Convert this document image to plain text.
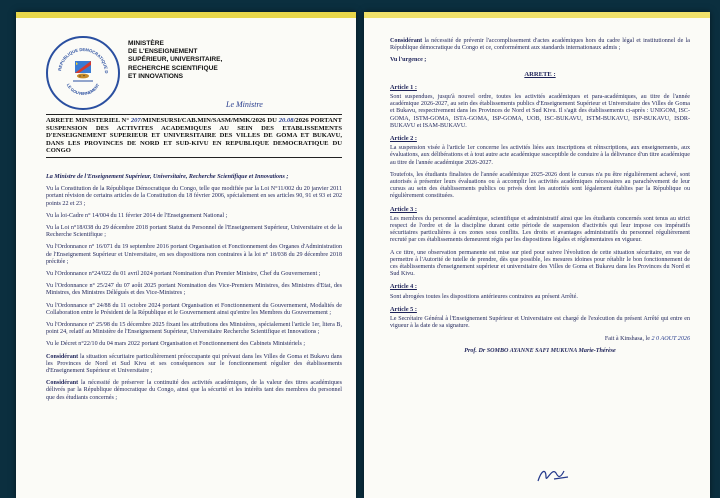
REPUBLIQUE DEMOCRATIQUE D
LE GOUVERNEMENT
MINISTÈRE
DE L'ENSEIGNEMENT
SUPÉRIEUR, UNIVERSITAIRE,
RECHERCHE SCIENTIFIQUE
ET INNOVATIONS
Le Ministre
ARRETE MINISTERIEL N° 207/MINESURSI/CAB.MIN/SASM/MMK/2026 DU 20.08/2026 PORTANT SUSPENSION DES ACTIVITES ACADEMIQUES AU SEIN DES ETABLISSEMENTS D'ENSEIGNEMENT SUPERIEUR ET UNIVERSITAIRE DES VILLES DE GOMA ET BUKAVU, DANS LES PROVINCES DE NORD ET SUD-KIVU EN REPUBLIQUE DEMOCRATIQUE DU CONGO

La Ministre de l'Enseignement Supérieur, Universitaire, Recherche Scientifique et Innovations ;

Vu la Constitution de la République Démocratique du Congo, telle que modifiée par la Loi N°11/002 du 20 janvier 2011 portant révision de certains articles de la Constitution du 18 février 2006, spécialement en ses articles 90, 91 et 93 et 202 points 22 et 23 ;

Vu la loi-Cadre n° 14/004 du 11 février 2014 de l'Enseignement National ;

Vu la Loi n°18/038 du 29 décembre 2018 portant Statut du Personnel de l'Enseignement Supérieur, Universitaire et de la Recherche Scientifique ;

Vu l'Ordonnance n° 16/071 du 19 septembre 2016 portant Organisation et Fonctionnement des Organes d'Administration de l'Enseignement Supérieur et Universitaire, en ses dispositions non contraires à la loi n° 18/038 du 29 décembre 2018 précitée ;

Vu l'Ordonnance n°24/022 du 01 avril 2024 portant Nomination d'un Premier Ministre, Chef du Gouvernement ;

Vu l'Ordonnance n° 25/247 du 07 août 2025 portant Nomination des Vice-Premiers Ministres, des Ministres d'Etat, des Ministres, des Ministres Délégués et des Vice-Ministres ;

Vu l'Ordonnance n° 24/88 du 11 octobre 2024 portant Organisation et Fonctionnement du Gouvernement, Modalités de Collaboration entre le Président de la République et le Gouvernement ainsi qu'entre les Membres du Gouvernement ;

Vu l'Ordonnance n° 25/98 du 15 décembre 2025 fixant les attributions des Ministères, spécialement l'article 1er, litera B, point 24, relatif au Ministère de l'Enseignement Supérieur, Universitaire Recherche Scientifique et Innovations ;

Vu le Décret n°22/10 du 04 mars 2022 portant Organisation et Fonctionnement des Cabinets Ministériels ;

Considérant la situation sécuritaire particulièrement préoccupante qui prévaut dans les Villes de Goma et Bukavu dans les Provinces de Nord et Sud Kivu et ses conséquences sur le fonctionnement régulier des établissements d'Enseignement Supérieur et Universitaire ;

Considérant la nécessité de préserver la continuité des activités académiques, de la valeur des titres académiques délivrés par la République démocratique du Congo, ainsi que la sécurité et les intérêts tant des membres du personnel que des étudiants concernés ;

Considérant la nécessité de prévenir l'accomplissement d'actes académiques hors du cadre légal et institutionnel de la République démocratique du Congo et ce, conformément aux standards internationaux admis ;

Vu l'urgence ;

ARRETE :

Article 1 :

Sont suspendues, jusqu'à nouvel ordre, toutes les activités académiques et para-académiques, au titre de l'année académique 2026-2027, au sein des établissements publics d'Enseignement Supérieur et Universitaire des Villes de Goma et Bukavu, respectivement dans les Provinces de Nord et Sud Kivu. Il s'agit des établissements ci-après : UNIGOM, ISC-GOMA, ISTM-GOMA, ISTA-GOMA, ISP-GOMA, UOB, ISC-BUKAVU, ISTM-BUKAVU, ISP-BUKAVU, ISDR-BUKAVU et ISAM-BUKAVU.

Article 2 :

La suspension visée à l'article 1er concerne les activités liées aux inscriptions et réinscriptions, aux enseignements, aux évaluations, aux délibérations et à tout autre acte académique susceptible de conduire à la délivrance d'un titre académique au titre de l'année académique 2026-2027.

Toutefois, les étudiants finalistes de l'année académique 2025-2026 dont le cursus n'a pu être régulièrement achevé, sont autorisés à présenter leurs évaluations ou à accomplir les activités académiques nécessaires au parachèvement de leur cursus au sein des établissements publics ou privés dont les autorités sont légalement établies par la République ou régulièrement constituées.

Article 3 :

Les membres du personnel académique, scientifique et administratif ainsi que les étudiants concernés sont tenus au strict respect de l'ordre et de la discipline durant cette période de suspension d'activités qui leur impose ces impératifs sécuritaires particulières à ces zones sous conflits. Les droits et avantages administratifs du personnel régulièrement recruté par ces établissements demeurent régis par les dispositions légales et réglementaires en vigueur.

A ce titre, une observation permanente est mise sur pied pour suivre l'évolution de cette situation sécuritaire, en vue de permettre à l'Autorité de tutelle de prendre, dès que possible, les mesures idoines pour rétablir le bon fonctionnement de ces établissements d'enseignement supérieur et universitaire des Villes de Goma et Bukavu dans les Provinces du Nord et Sud Kivu.

Article 4 :

Sont abrogées toutes les dispositions antérieures contraires au présent Arrêté.

Article 5 :

Le Secrétaire Général à l'Enseignement Supérieur et Universitaire est chargé de l'exécution du présent Arrêté qui entre en vigueur à la date de sa signature.

Fait à Kinshasa, le 2 0 AOUT 2026

Prof. Dr SOMBO AYANNE SAFI MUKUNA Marie-Thérèse
